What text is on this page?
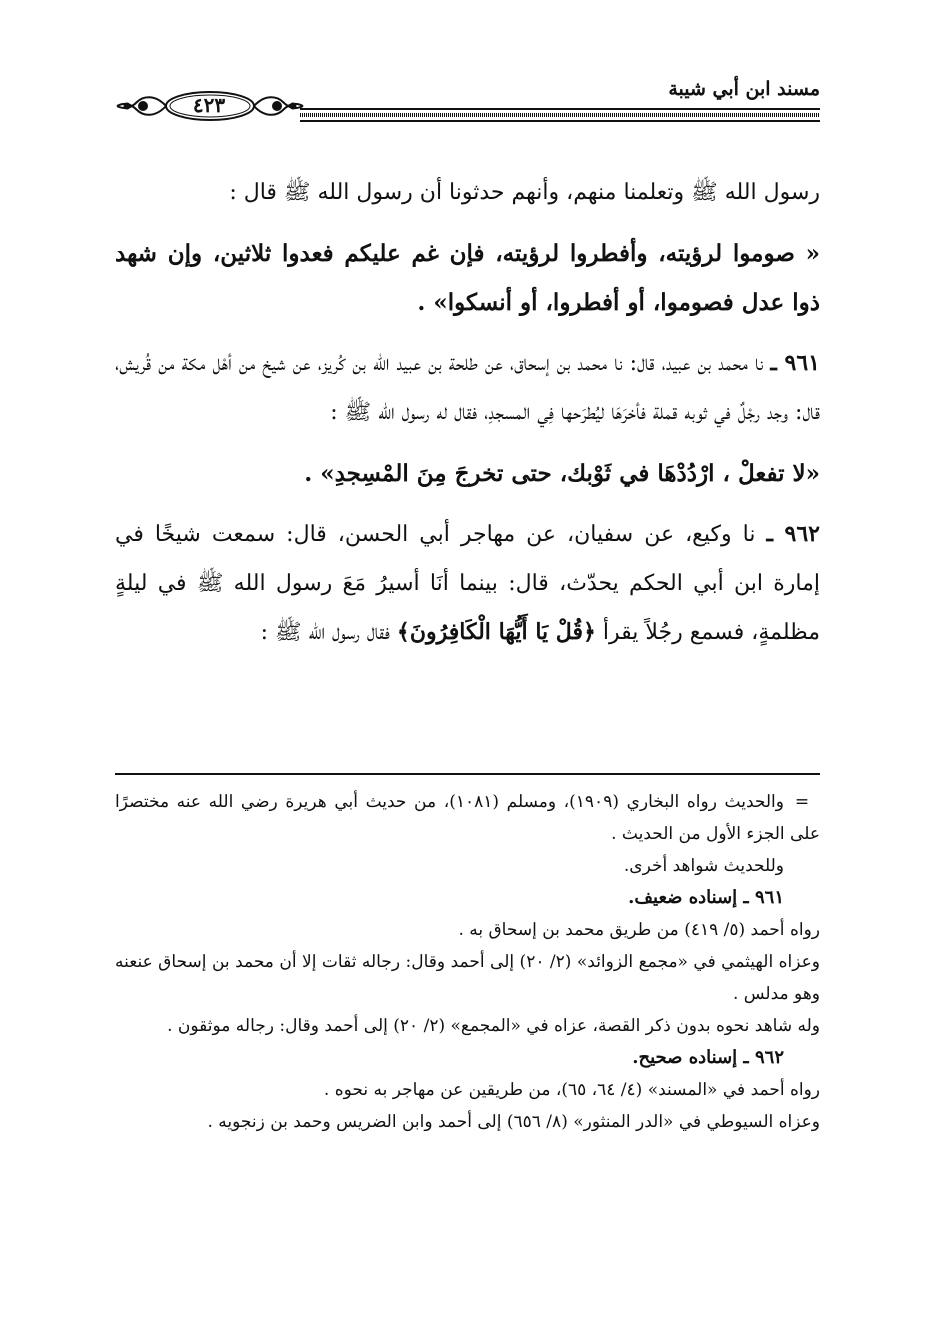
مسند ابن أبي شيبة
٤٢٣

رسول الله ﷺ وتعلمنا منهم، وأنهم حدثونا أن رسول الله ﷺ قال :

« صوموا لرؤيته، وأفطروا لرؤيته، فإن غم عليكم فعدوا ثلاثين، وإن شهد ذوا عدل فصوموا، أو أفطروا، أو أنسكوا» .

٩٦١ ـ نا محمد بن عبيد، قال: نا محمد بن إسحاق، عن طلحة بن عبيد الله بن كُريز، عن شيخ من أهْل مكة من قُريش، قال: وجد رجْلٌ في ثوبه قملة فأخرَهَا ليُطرَحها فِي المسجدِ، فقال له رسول الله ﷺ :

«لا تفعلْ ، ارْدُدْهَا في ثَوْبك، حتى تخرجَ مِنَ المْسِجدِ» .

٩٦٢ ـ نا وكيع، عن سفيان، عن مهاجر أبي الحسن، قال: سمعت شيخًا في إمارة ابن أبي الحكم يحدّث، قال: بينما أنَا أسيرُ مَعَ رسول الله ﷺ في ليلةٍ مظلمةٍ، فسمع رجُلاً يقرأ ﴿قُلْ يَا أَيُّهَا الْكَافِرُونَ﴾ فقال رسول الله ﷺ :

=والحديث رواه البخاري (١٩٠٩)، ومسلم (١٠٨١)، من حديث أبي هريرة رضي الله عنه مختصرًا على الجزء الأول من الحديث .

وللحديث شواهد أخرى.

٩٦١ ـ إسناده ضعيف.

رواه أحمد (٥/ ٤١٩) من طريق محمد بن إسحاق به .

وعزاه الهيثمي في «مجمع الزوائد» (٢/ ٢٠) إلى أحمد وقال: رجاله ثقات إلا أن محمد بن إسحاق عنعنه وهو مدلس .

وله شاهد نحوه بدون ذكر القصة، عزاه في «المجمع» (٢/ ٢٠) إلى أحمد وقال: رجاله موثقون .

٩٦٢ ـ إسناده صحيح.

رواه أحمد في «المسند» (٤/ ٦٤، ٦٥)، من طريقين عن مهاجر به نحوه .

وعزاه السيوطي في «الدر المنثور» (٨/ ٦٥٦) إلى أحمد وابن الضريس وحمد بن زنجويه .
